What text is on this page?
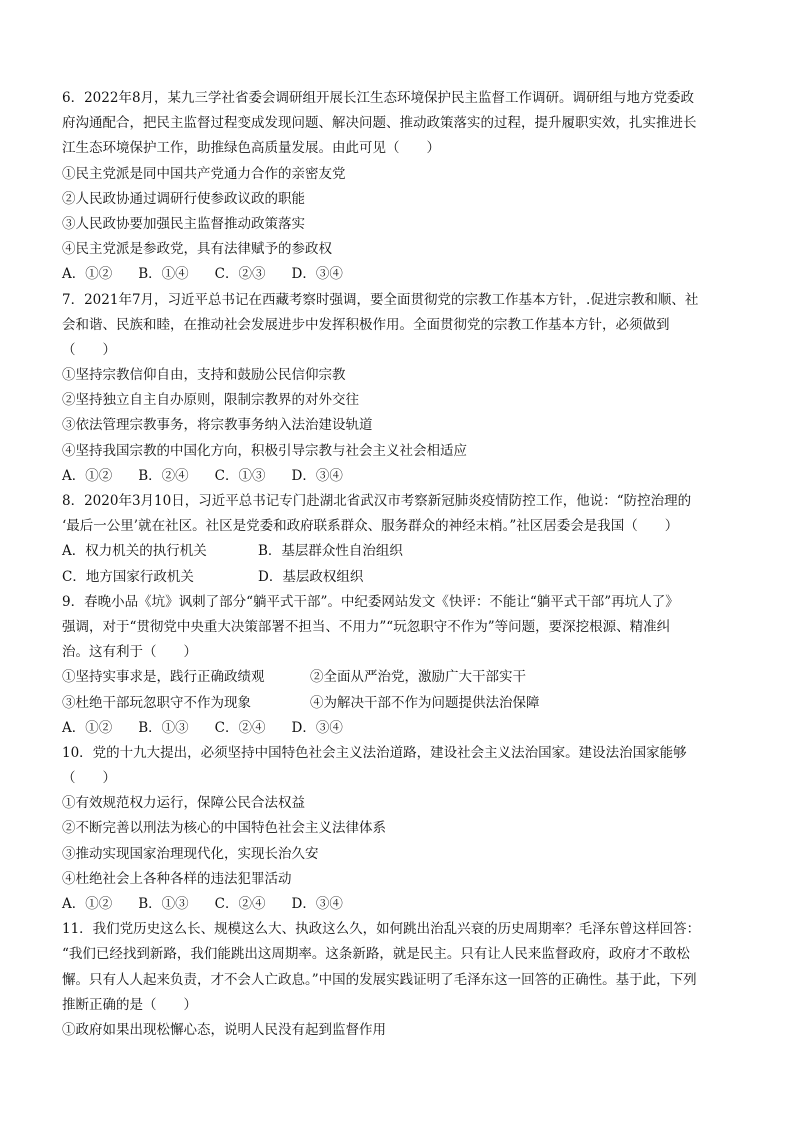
6．2022年8月，某九三学社省委会调研组开展长江生态环境保护民主监督工作调研。调研组与地方党委政
府沟通配合，把民主监督过程变成发现问题、解决问题、推动政策落实的过程，提升履职实效，扎实推进长
江生态环境保护工作，助推绿色高质量发展。由此可见（　　）
①民主党派是同中国共产党通力合作的亲密友党
②人民政协通过调研行使参政议政的职能
③人民政协要加强民主监督推动政策落实
④民主党派是参政党，具有法律赋予的参政权
A．①② B．①④ C．②③ D．③④
7．2021年7月，习近平总书记在西藏考察时强调，要全面贯彻党的宗教工作基本方针，.促进宗教和顺、社
会和谐、民族和睦，在推动社会发展进步中发挥积极作用。全面贯彻党的宗教工作基本方针，必须做到
（　　）
①坚持宗教信仰自由，支持和鼓励公民信仰宗教
②坚持独立自主自办原则，限制宗教界的对外交往
③依法管理宗教事务，将宗教事务纳入法治建设轨道
④坚持我国宗教的中国化方向，积极引导宗教与社会主义社会相适应
A．①② B．②④ C．①③ D．③④
8．2020年3月10日，习近平总书记专门赴湖北省武汉市考察新冠肺炎疫情防控工作，他说：“防控治理的
‘最后一公里’就在社区。社区是党委和政府联系群众、服务群众的神经末梢。”社区居委会是我国（　　）
A．权力机关的执行机关	B．基层群众性自治组织
C．地方国家行政机关	D．基层政权组织
9．春晚小品《坑》讽刺了部分“躺平式干部”。中纪委网站发文《快评：不能让“躺平式干部”再坑人了》
强调，对于“贯彻党中央重大决策部署不担当、不用力”“玩忽职守不作为”等问题，要深挖根源、精准纠
治。这有利于（　　）
①坚持实事求是，践行正确政绩观	②全面从严治党，激励广大干部实干
③杜绝干部玩忽职守不作为现象	④为解决干部不作为问题提供法治保障
A．①② B．①③ C．②④ D．③④
10．党的十九大提出，必须坚持中国特色社会主义法治道路，建设社会主义法治国家。建设法治国家能够
（　　）
①有效规范权力运行，保障公民合法权益
②不断完善以刑法为核心的中国特色社会主义法律体系
③推动实现国家治理现代化，实现长治久安
④杜绝社会上各种各样的违法犯罪活动
A．①② B．①③ C．②④ D．③④
11．我们党历史这么长、规模这么大、执政这么久，如何跳出治乱兴衰的历史周期率？毛泽东曾这样回答：
“我们已经找到新路，我们能跳出这周期率。这条新路，就是民主。只有让人民来监督政府，政府才不敢松
懈。只有人人起来负责，才不会人亡政息。”中国的发展实践证明了毛泽东这一回答的正确性。基于此，下列
推断正确的是（　　）
①政府如果出现松懈心态，说明人民没有起到监督作用
